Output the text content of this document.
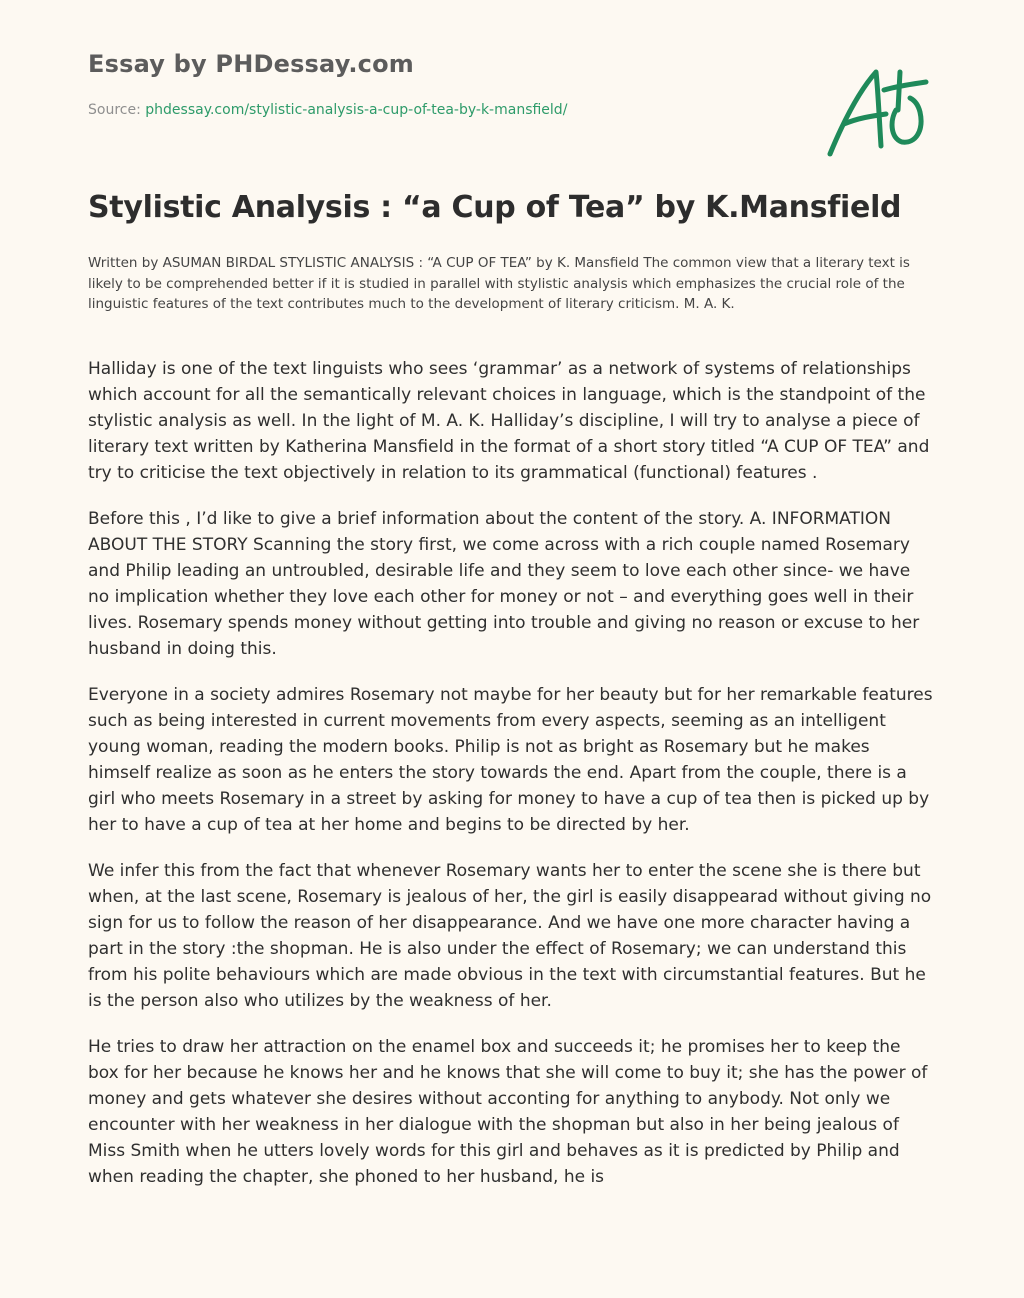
Essay by PHDessay.com
Source: phdessay.com/stylistic-analysis-a-cup-of-tea-by-k-mansfield/
Stylistic Analysis : “a Cup of Tea” by K.Mansfield

Written by ASUMAN BIRDAL STYLISTIC ANALYSIS : “A CUP OF TEA” by K. Mansfield The common view that a literary text is likely to be comprehended better if it is studied in parallel with stylistic analysis which emphasizes the crucial role of the linguistic features of the text contributes much to the development of literary criticism. M. A. K.

Halliday is one of the text linguists who sees ‘grammar’ as a network of systems of relationships which account for all the semantically relevant choices in language, which is the standpoint of the stylistic analysis as well. In the light of M. A. K. Halliday’s discipline, I will try to analyse a piece of literary text written by Katherina Mansfield in the format of a short story titled “A CUP OF TEA” and try to criticise the text objectively in relation to its grammatical (functional) features .

Before this , I’d like to give a brief information about the content of the story. A. INFORMATION ABOUT THE STORY Scanning the story first, we come across with a rich couple named Rosemary and Philip leading an untroubled, desirable life and they seem to love each other since- we have no implication whether they love each other for money or not – and everything goes well in their lives. Rosemary spends money without getting into trouble and giving no reason or excuse to her husband in doing this.

Everyone in a society admires Rosemary not maybe for her beauty but for her remarkable features such as being interested in current movements from every aspects, seeming as an intelligent young woman, reading the modern books. Philip is not as bright as Rosemary but he makes himself realize as soon as he enters the story towards the end. Apart from the couple, there is a girl who meets Rosemary in a street by asking for money to have a cup of tea then is picked up by her to have a cup of tea at her home and begins to be directed by her.

We infer this from the fact that whenever Rosemary wants her to enter the scene she is there but when, at the last scene, Rosemary is jealous of her, the girl is easily disappearad without giving no sign for us to follow the reason of her disappearance. And we have one more character having a part in the story :the shopman. He is also under the effect of Rosemary; we can understand this from his polite behaviours which are made obvious in the text with circumstantial features. But he is the person also who utilizes by the weakness of her.

He tries to draw her attraction on the enamel box and succeeds it; he promises her to keep the box for her because he knows her and he knows that she will come to buy it; she has the power of money and gets whatever she desires without acconting for anything to anybody. Not only we encounter with her weakness in her dialogue with the shopman but also in her being jealous of Miss Smith when he utters lovely words for this girl and behaves as it is predicted by Philip and when reading the chapter, she phoned to her husband, he is
